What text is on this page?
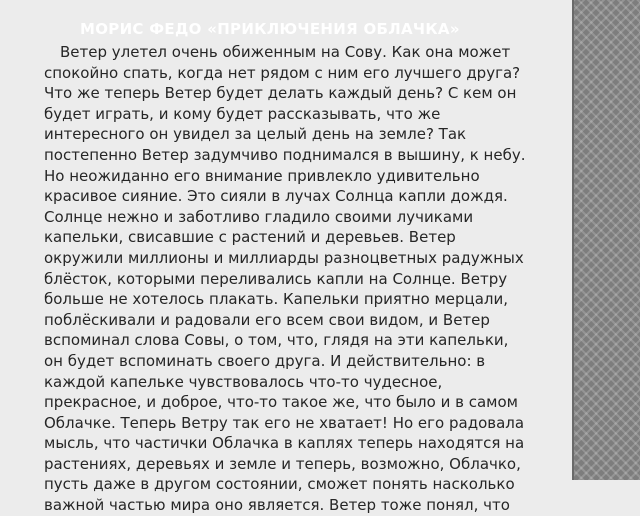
МОРИС ФЕДО «ПРИКЛЮЧЕНИЯ ОБЛАЧКА»

Ветер улетел очень обиженным на Сову. Как она может
спокойно спать, когда нет рядом с ним его лучшего друга?
Что же теперь Ветер будет делать каждый день? С кем он
будет играть, и кому будет рассказывать, что же
интересного он увидел за целый день на земле? Так
постепенно Ветер задумчиво поднимался в вышину, к небу.
Но неожиданно его внимание привлекло удивительно
красивое сияние. Это сияли в лучах Солнца капли дождя.
Солнце нежно и заботливо гладило своими лучиками
капельки, свисавшие с растений и деревьев. Ветер
окружили миллионы и миллиарды разноцветных радужных
блёсток, которыми переливались капли на Солнце. Ветру
больше не хотелось плакать. Капельки приятно мерцали,
поблёскивали и радовали его всем свои видом, и Ветер
вспоминал слова Совы, о том, что, глядя на эти капельки,
он будет вспоминать своего друга. И действительно: в
каждой капельке чувствовалось что-то чудесное,
прекрасное, и доброе, что-то такое же, что было и в самом
Облачке. Теперь Ветру так его не хватает! Но его радовала
мысль, что частички Облачка в каплях теперь находятся на
растениях, деревьях и земле и теперь, возможно, Облачко,
пусть даже в другом состоянии, сможет понять насколько
важной частью мира оно является. Ветер тоже понял, что
